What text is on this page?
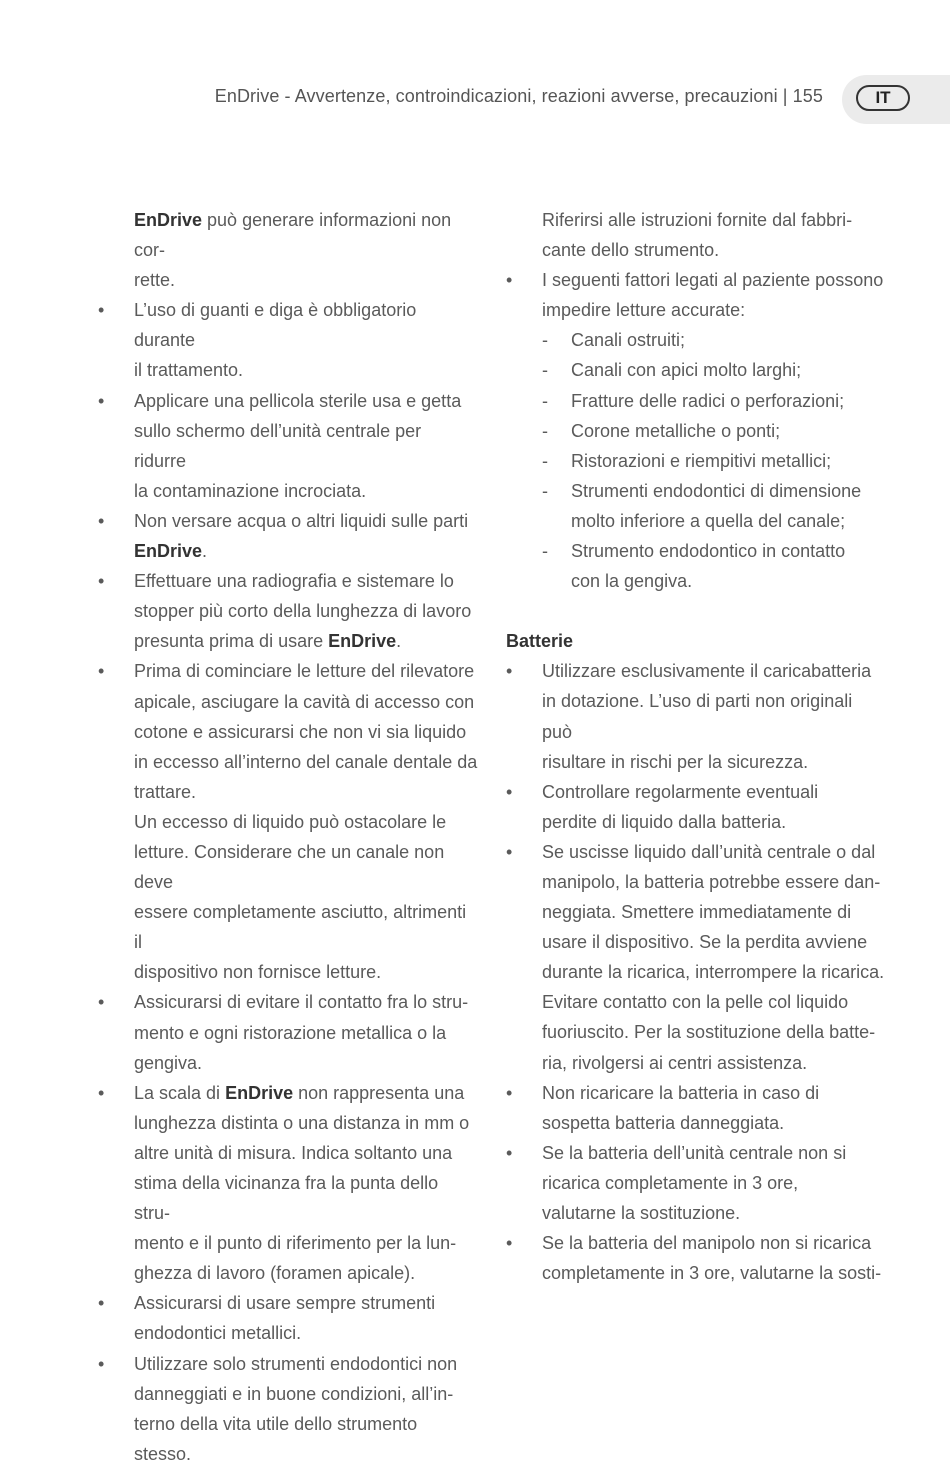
EnDrive - Avvertenze, controindicazioni, reazioni avverse, precauzioni | 155	IT
EnDrive può generare informazioni non cor-
rette.
• L’uso di guanti e diga è obbligatorio durante
il trattamento.
• Applicare una pellicola sterile usa e getta
sullo schermo dell’unità centrale per ridurre
la contaminazione incrociata.
• Non versare acqua o altri liquidi sulle parti
EnDrive.
• Effettuare una radiografia e sistemare lo
stopper più corto della lunghezza di lavoro
presunta prima di usare EnDrive.
• Prima di cominciare le letture del rilevatore
apicale, asciugare la cavità di accesso con
cotone e assicurarsi che non vi sia liquido
in eccesso all’interno del canale dentale da
trattare.
Un eccesso di liquido può ostacolare le
letture. Considerare che un canale non deve
essere completamente asciutto, altrimenti il
dispositivo non fornisce letture.
• Assicurarsi di evitare il contatto fra lo stru-
mento e ogni ristorazione metallica o la
gengiva.
• La scala di EnDrive non rappresenta una
lunghezza distinta o una distanza in mm o
altre unità di misura. Indica soltanto una
stima della vicinanza fra la punta dello stru-
mento e il punto di riferimento per la lun-
ghezza di lavoro (foramen apicale).
• Assicurarsi di usare sempre strumenti
endodontici metallici.
• Utilizzare solo strumenti endodontici non
danneggiati e in buone condizioni, all’in-
terno della vita utile dello strumento stesso.
Riferirsi alle istruzioni fornite dal fabbri-
cante dello strumento.
• I seguenti fattori legati al paziente possono
impedire letture accurate:
- Canali ostruiti;
- Canali con apici molto larghi;
- Fratture delle radici o perforazioni;
- Corone metalliche o ponti;
- Ristorazioni e riempitivi metallici;
- Strumenti endodontici di dimensione
molto inferiore a quella del canale;
- Strumento endodontico in contatto
con la gengiva.
Batterie
• Utilizzare esclusivamente il caricabatteria
in dotazione. L’uso di parti non originali può
risultare in rischi per la sicurezza.
• Controllare regolarmente eventuali
perdite di liquido dalla batteria.
• Se uscisse liquido dall’unità centrale o dal
manipolo, la batteria potrebbe essere dan-
neggiata. Smettere immediatamente di
usare il dispositivo. Se la perdita avviene
durante la ricarica, interrompere la ricarica.
Evitare contatto con la pelle col liquido
fuoriuscito. Per la sostituzione della batte-
ria, rivolgersi ai centri assistenza.
• Non ricaricare la batteria in caso di
sospetta batteria danneggiata.
• Se la batteria dell’unità centrale non si
ricarica completamente in 3 ore,
valutarne la sostituzione.
• Se la batteria del manipolo non si ricarica
completamente in 3 ore, valutarne la sosti-
